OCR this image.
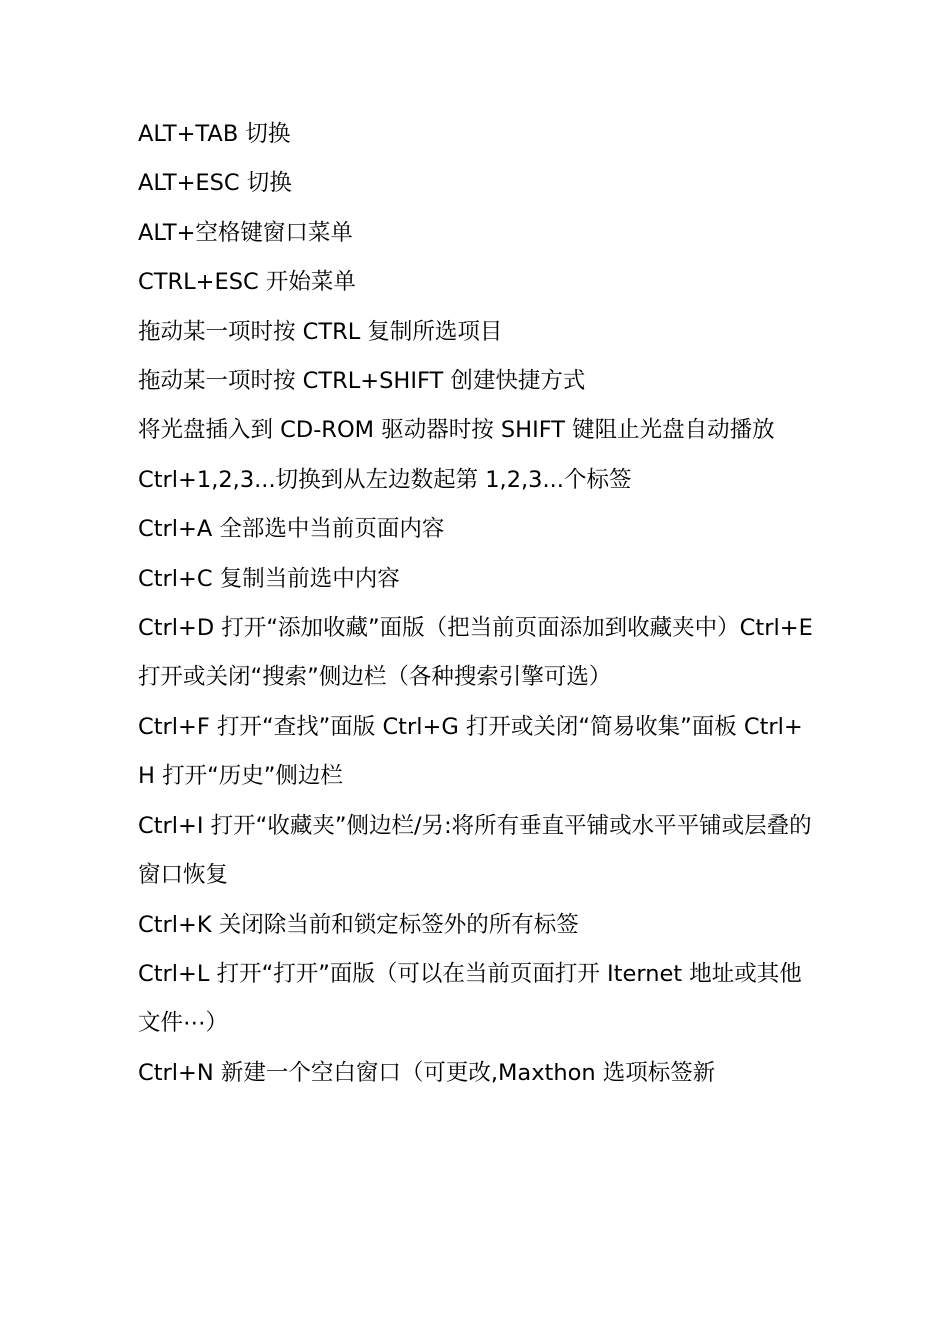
ALT+TAB 切换

ALT+ESC 切换

ALT+空格键窗口菜单

CTRL+ESC 开始菜单

拖动某一项时按 CTRL 复制所选项目

拖动某一项时按 CTRL+SHIFT 创建快捷方式

将光盘插入到 CD-ROM 驱动器时按 SHIFT 键阻止光盘自动播放

Ctrl+1,2,3...切换到从左边数起第 1,2,3...个标签

Ctrl+A 全部选中当前页面内容

Ctrl+C 复制当前选中内容

Ctrl+D 打开“添加收藏”面版（把当前页面添加到收藏夹中）Ctrl+E 打开或关闭“搜索”侧边栏（各种搜索引擎可选）

Ctrl+F 打开“查找”面版 Ctrl+G 打开或关闭“简易收集”面板 Ctrl+H 打开“历史”侧边栏

Ctrl+I 打开“收藏夹”侧边栏/另:将所有垂直平铺或水平平铺或层叠的窗口恢复

Ctrl+K 关闭除当前和锁定标签外的所有标签

Ctrl+L 打开“打开”面版（可以在当前页面打开 Iternet 地址或其他文件⋯）

Ctrl+N 新建一个空白窗口（可更改,Maxthon 选项标签新
